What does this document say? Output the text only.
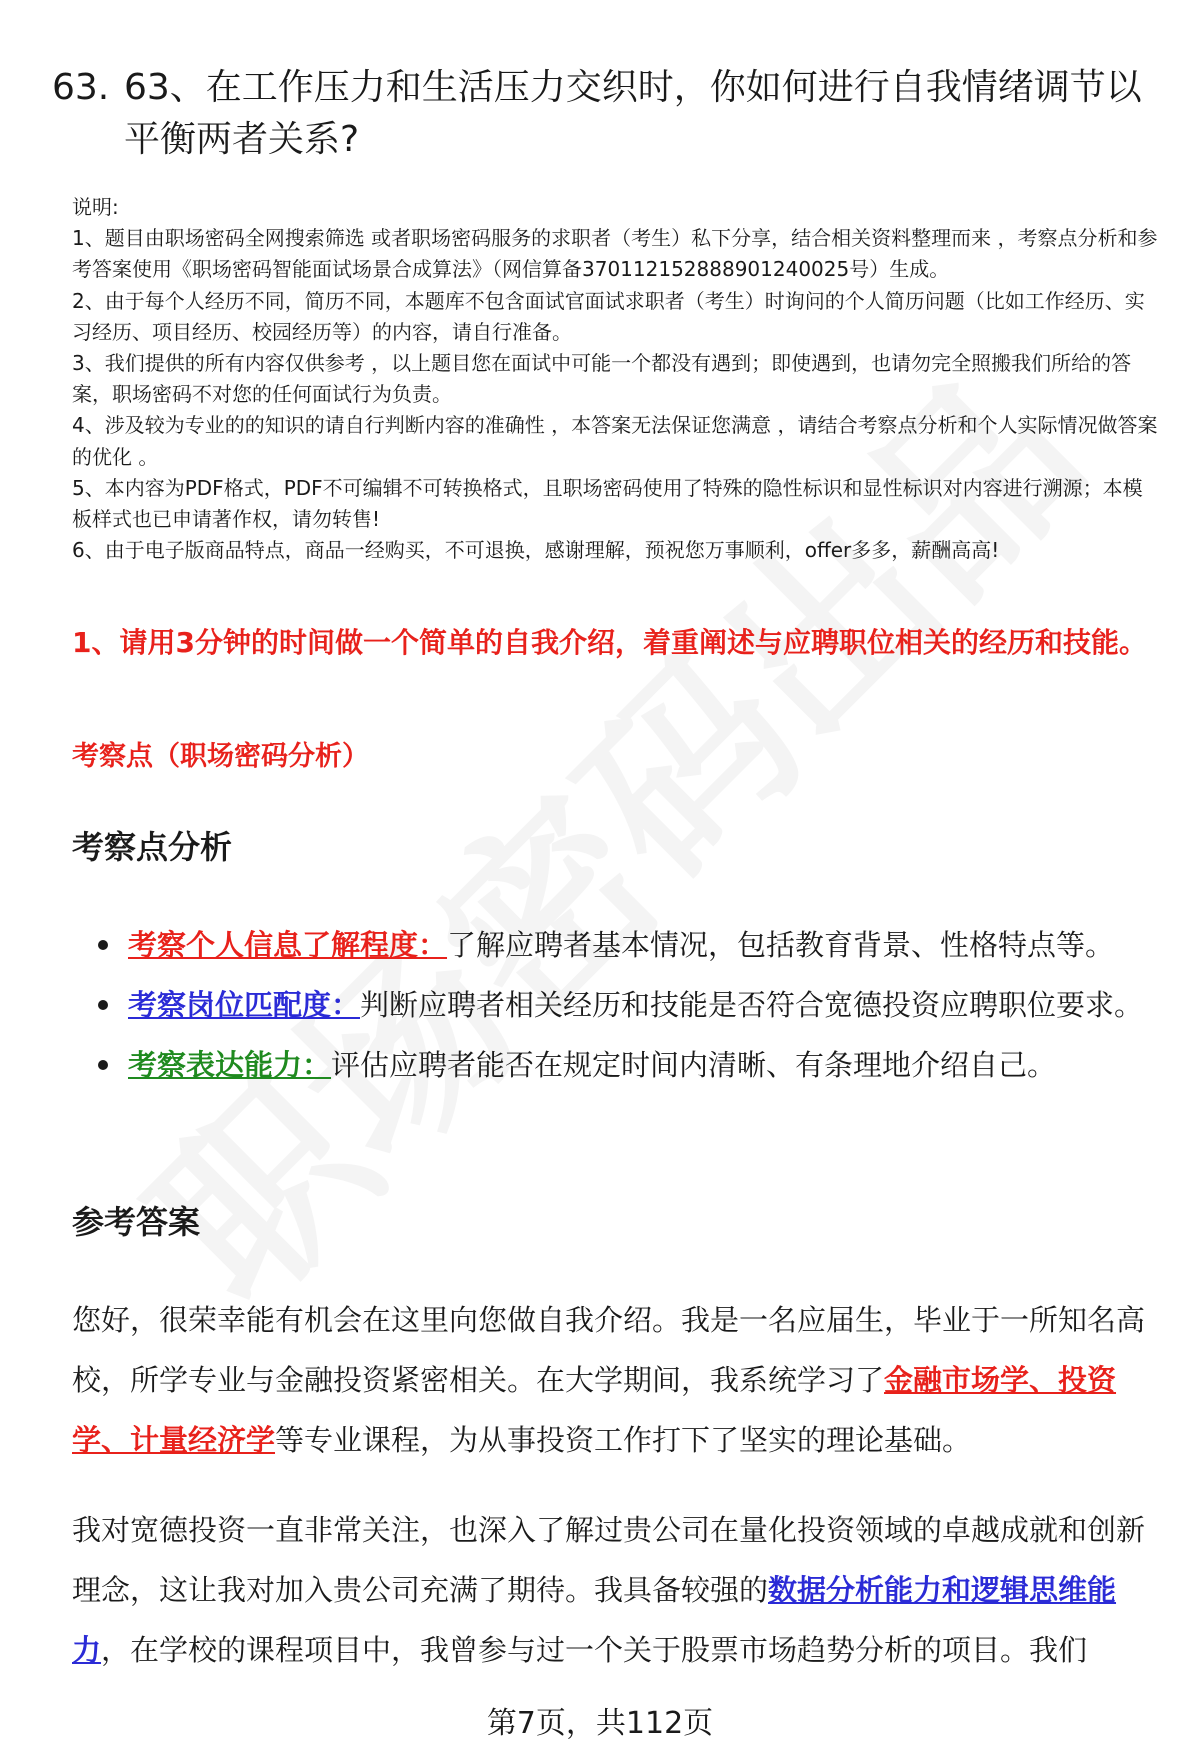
63. 63、在工作压力和生活压力交织时，你如何进行自我情绪调节以平衡两者关系?

说明:

1、题目由职场密码全网搜索筛选 或者职场密码服务的求职者（考生）私下分享，结合相关资料整理而来 ，考察点分析和参考答案使用《职场密码智能面试场景合成算法》（网信算备370112152888901240025号）生成。

2、由于每个人经历不同，简历不同，本题库不包含面试官面试求职者（考生）时询问的个人简历问题（比如工作经历、实习经历、项目经历、校园经历等）的内容，请自行准备。

3、我们提供的所有内容仅供参考 ，以上题目您在面试中可能一个都没有遇到；即使遇到，也请勿完全照搬我们所给的答案，职场密码不对您的任何面试行为负责。

4、涉及较为专业的的知识的请自行判断内容的准确性 ，本答案无法保证您满意 ，请结合考察点分析和个人实际情况做答案的优化 。

5、本内容为PDF格式，PDF不可编辑不可转换格式，且职场密码使用了特殊的隐性标识和显性标识对内容进行溯源；本模板样式也已申请著作权，请勿转售!

6、由于电子版商品特点，商品一经购买，不可退换，感谢理解，预祝您万事顺利，offer多多，薪酬高高!

1、请用3分钟的时间做一个简单的自我介绍，着重阐述与应聘职位相关的经历和技能。

考察点（职场密码分析）

考察点分析
考察个人信息了解程度：了解应聘者基本情况，包括教育背景、性格特点等。
考察岗位匹配度：判断应聘者相关经历和技能是否符合宽德投资应聘职位要求。
考察表达能力：评估应聘者能否在规定时间内清晰、有条理地介绍自己。
参考答案

您好，很荣幸能有机会在这里向您做自我介绍。我是一名应届生，毕业于一所知名高校，所学专业与金融投资紧密相关。在大学期间，我系统学习了金融市场学、投资学、计量经济学等专业课程，为从事投资工作打下了坚实的理论基础。

我对宽德投资一直非常关注，也深入了解过贵公司在量化投资领域的卓越成就和创新理念，这让我对加入贵公司充满了期待。我具备较强的数据分析能力和逻辑思维能力，在学校的课程项目中，我曾参与过一个关于股票市场趋势分析的项目。我们

第7页，共112页
